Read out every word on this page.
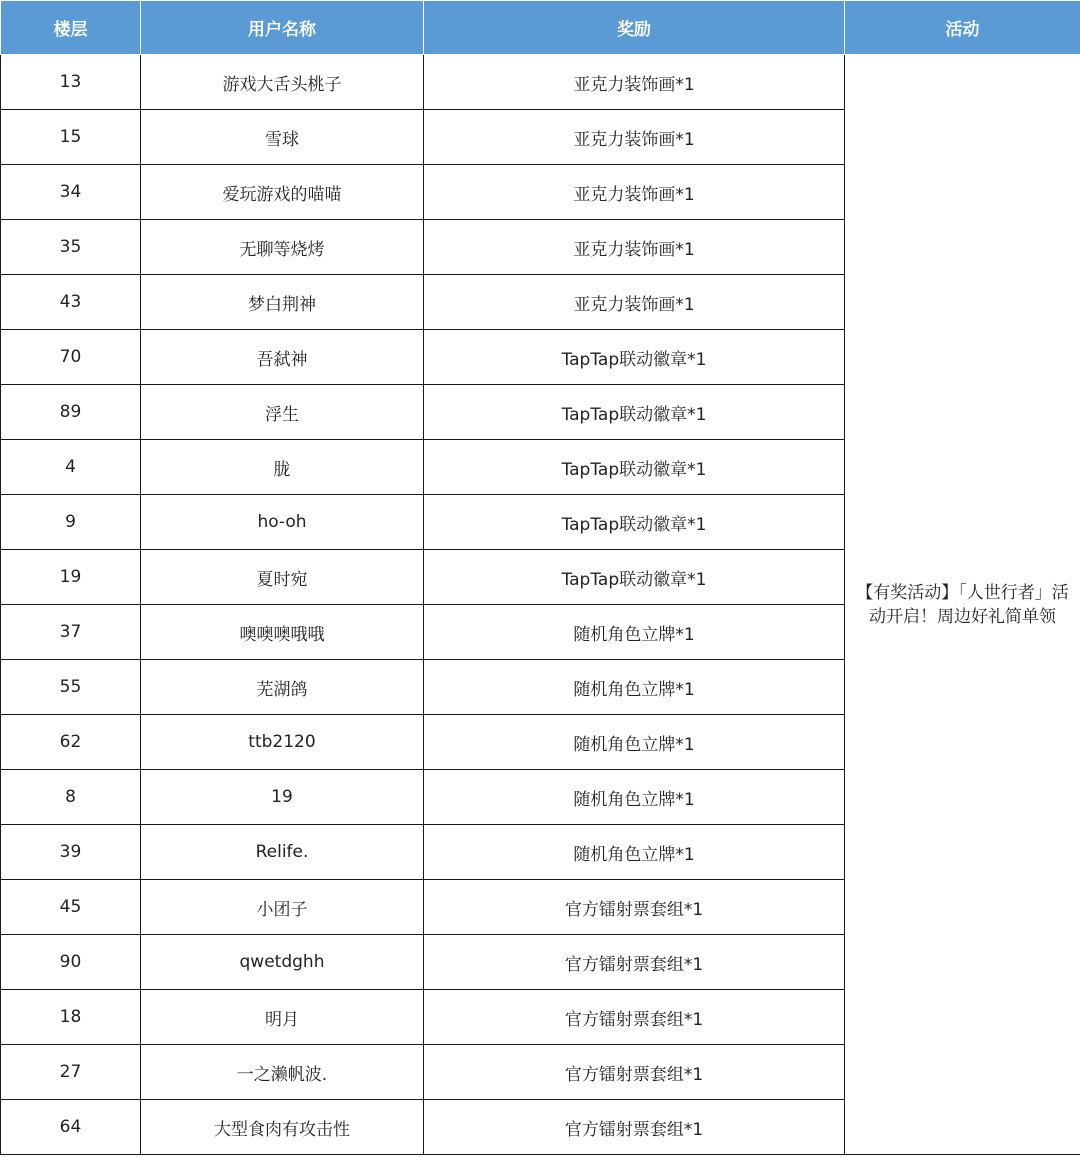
楼层	用户名称	奖励	活动
13	游戏大舌头桃子	亚克力装饰画*1	【有奖活动】「人世行者」活动开启！周边好礼简单领
15	雪球	亚克力装饰画*1	
34	爱玩游戏的喵喵	亚克力装饰画*1	
35	无聊等烧烤	亚克力装饰画*1	
43	梦白荆神	亚克力装饰画*1	
70	吾弑神	TapTap联动徽章*1	
89	浮生	TapTap联动徽章*1	
4	胧	TapTap联动徽章*1	
9	ho-oh	TapTap联动徽章*1	
19	夏时宛	TapTap联动徽章*1	
37	噢噢噢哦哦	随机角色立牌*1	
55	芜湖鸽	随机角色立牌*1	
62	ttb2120	随机角色立牌*1	
8	19	随机角色立牌*1	
39	Relife.	随机角色立牌*1	
45	小团子	官方镭射票套组*1	
90	qwetdghh	官方镭射票套组*1	
18	明月	官方镭射票套组*1	
27	一之濑帆波.	官方镭射票套组*1	
64	大型食肉有攻击性	官方镭射票套组*1	
